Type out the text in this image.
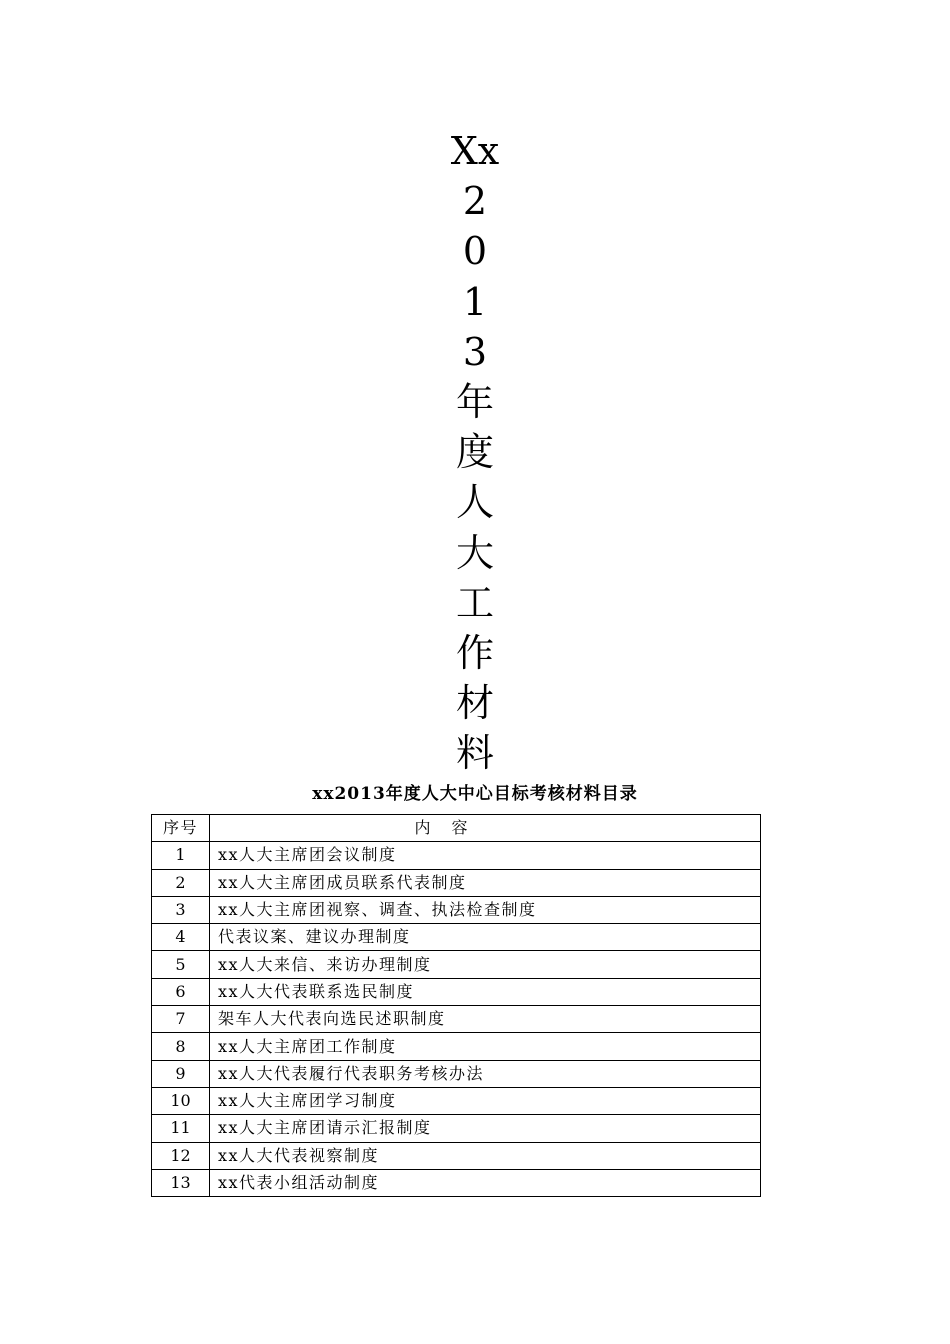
Xx
2
0
1
3
年
度
人
大
工
作
材
料
xx2013年度人大中心目标考核材料目录
序号	内 容
1	xx人大主席团会议制度
2	xx人大主席团成员联系代表制度
3	xx人大主席团视察、调查、执法检查制度
4	代表议案、建议办理制度
5	xx人大来信、来访办理制度
6	xx人大代表联系选民制度
7	架车人大代表向选民述职制度
8	xx人大主席团工作制度
9	xx人大代表履行代表职务考核办法
10	xx人大主席团学习制度
11	xx人大主席团请示汇报制度
12	xx人大代表视察制度
13	xx代表小组活动制度
